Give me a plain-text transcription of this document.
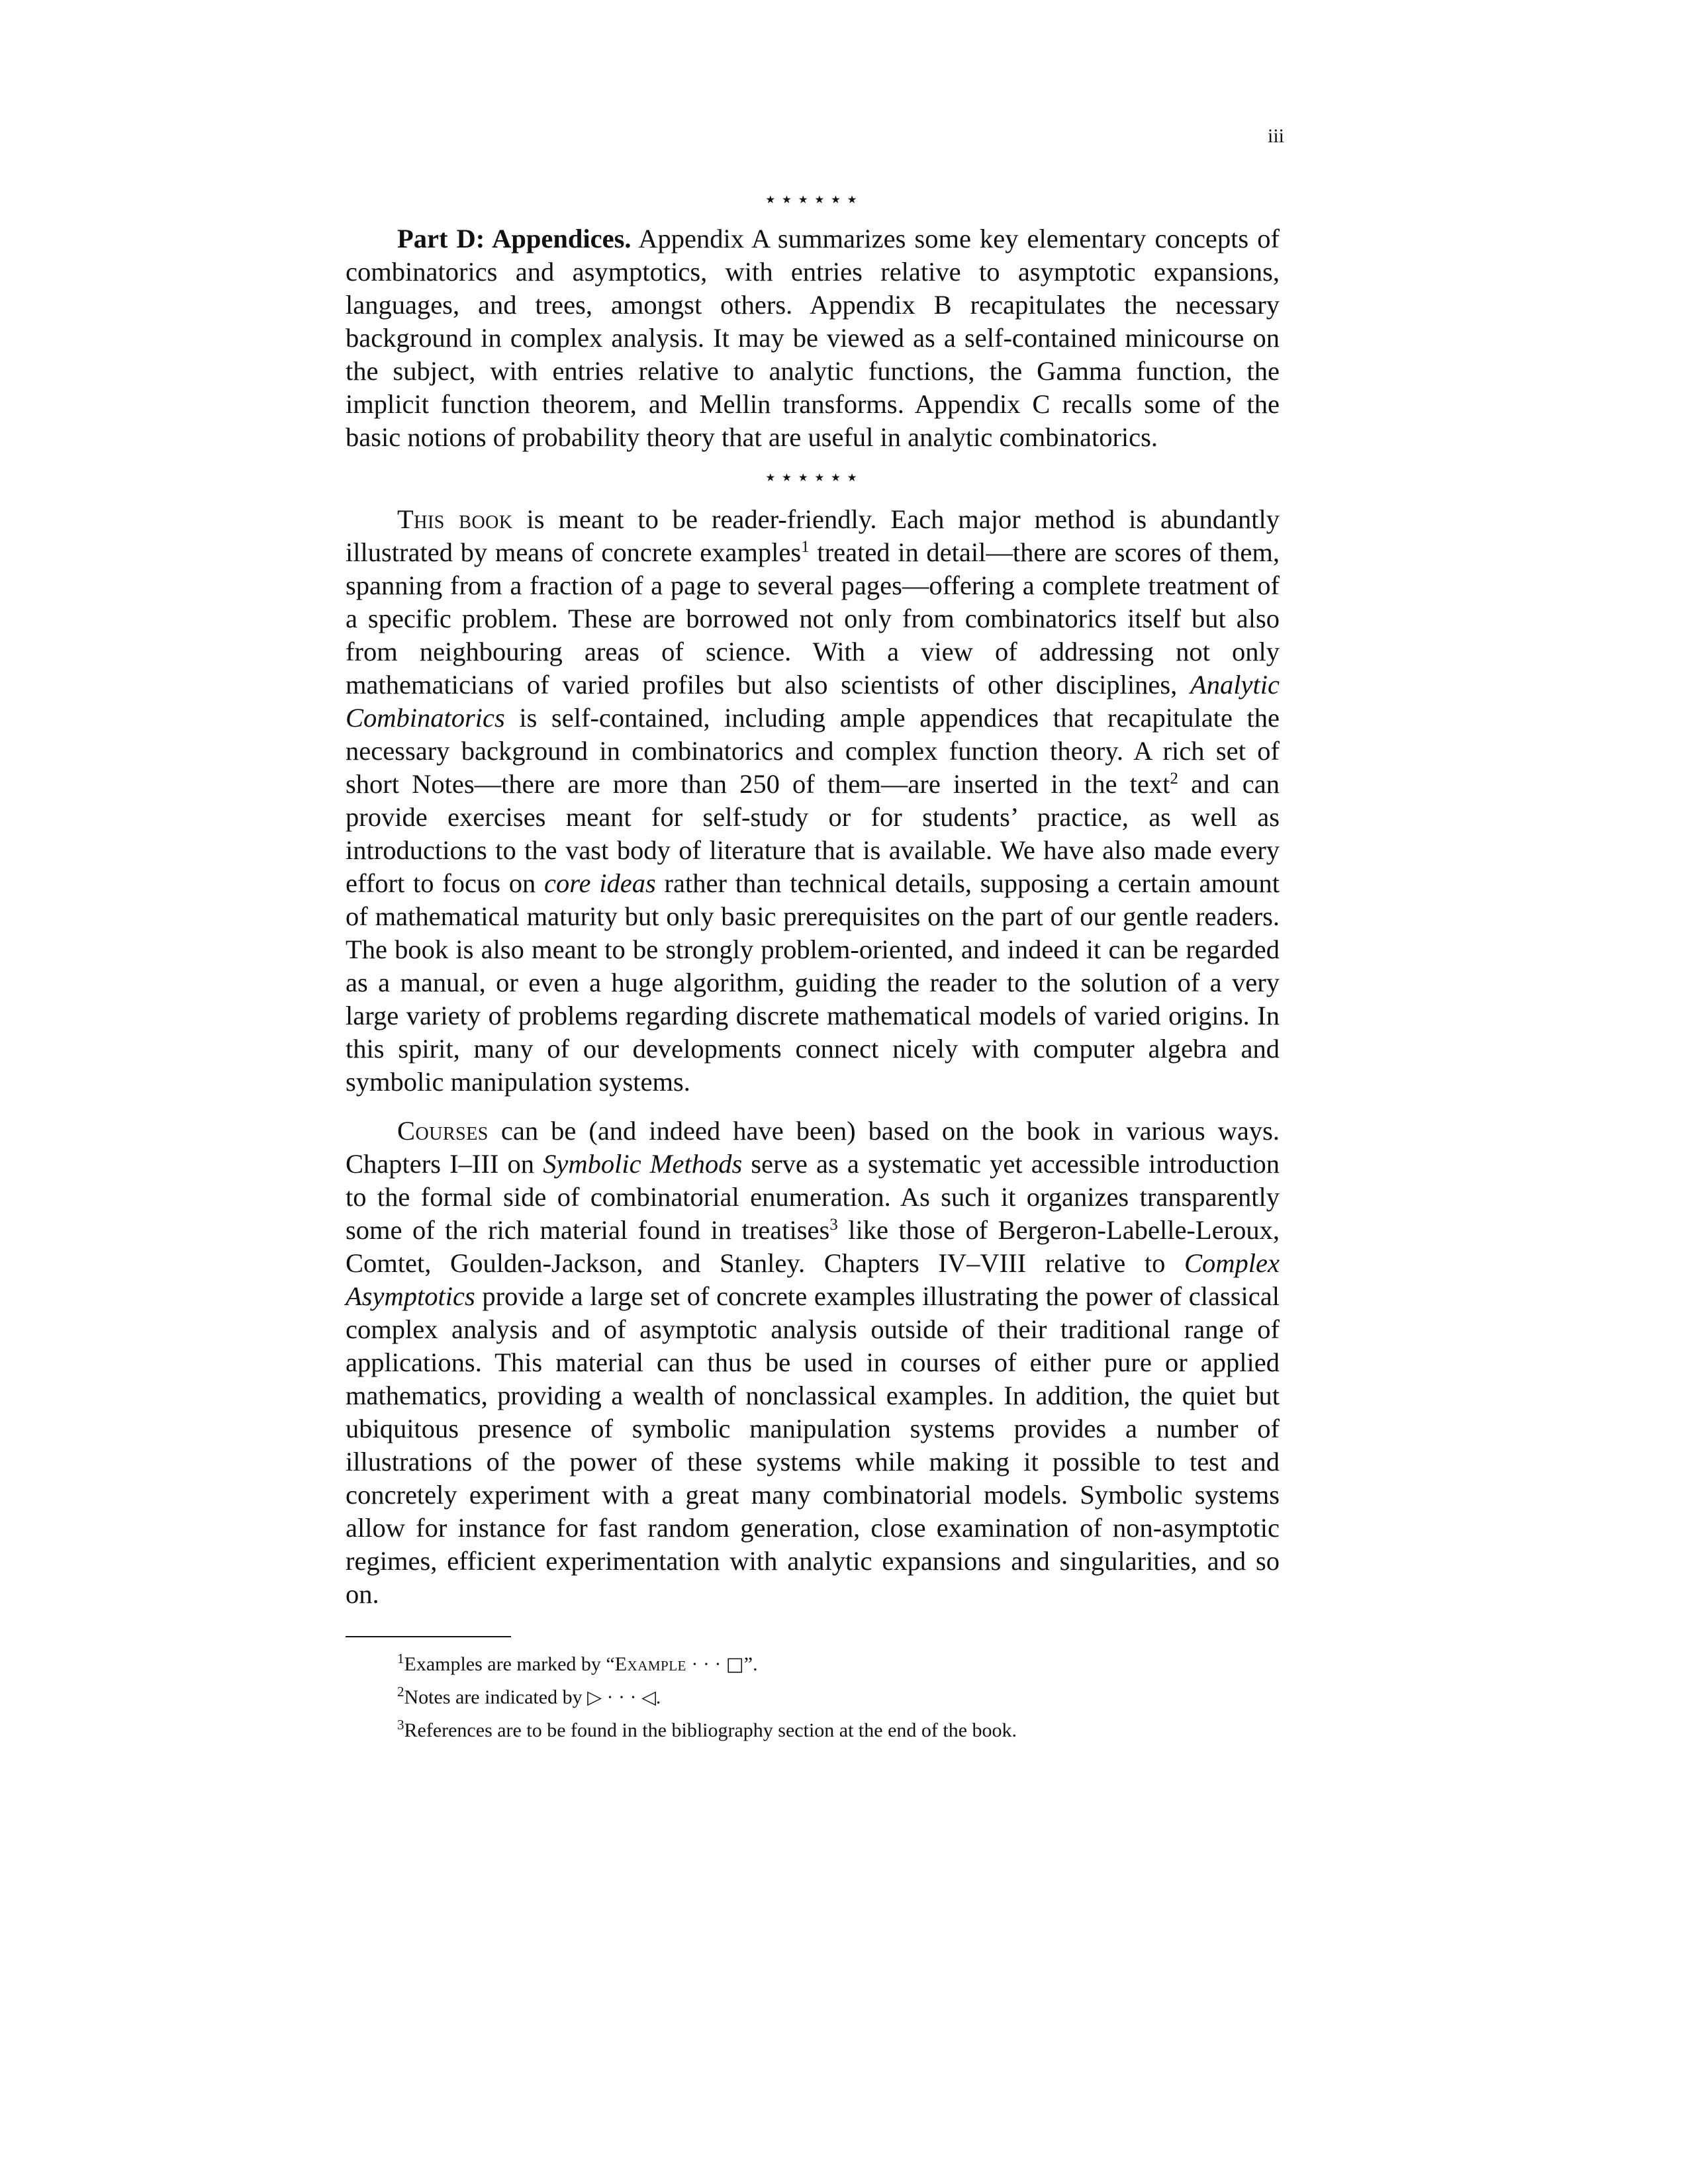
iii
⋆⋆⋆⋆⋆⋆

Part D: Appendices. Appendix A summarizes some key elementary concepts of combinatorics and asymptotics, with entries relative to asymptotic expansions, languages, and trees, amongst others. Appendix B recapitulates the necessary background in complex analysis. It may be viewed as a self-contained minicourse on the subject, with entries relative to analytic functions, the Gamma function, the implicit function theorem, and Mellin transforms. Appendix C recalls some of the basic notions of probability theory that are useful in analytic combinatorics.

⋆⋆⋆⋆⋆⋆

This book is meant to be reader-friendly. Each major method is abundantly illustrated by means of concrete examples$^1$ treated in detail—there are scores of them, spanning from a fraction of a page to several pages—offering a complete treatment of a specific problem. These are borrowed not only from combinatorics itself but also from neighbouring areas of science. With a view of addressing not only mathematicians of varied profiles but also scientists of other disciplines, Analytic Combinatorics is self-contained, including ample appendices that recapitulate the necessary background in combinatorics and complex function theory. A rich set of short Notes—there are more than 250 of them—are inserted in the text$^2$ and can provide exercises meant for self-study or for students’ practice, as well as introductions to the vast body of literature that is available. We have also made every effort to focus on core ideas rather than technical details, supposing a certain amount of mathematical maturity but only basic prerequisites on the part of our gentle readers. The book is also meant to be strongly problem-oriented, and indeed it can be regarded as a manual, or even a huge algorithm, guiding the reader to the solution of a very large variety of problems regarding discrete mathematical models of varied origins. In this spirit, many of our developments connect nicely with computer algebra and symbolic manipulation systems.

Courses can be (and indeed have been) based on the book in various ways. Chapters I–III on Symbolic Methods serve as a systematic yet accessible introduction to the formal side of combinatorial enumeration. As such it organizes transparently some of the rich material found in treatises$^3$ like those of Bergeron-Labelle-Leroux, Comtet, Goulden-Jackson, and Stanley. Chapters IV–VIII relative to Complex Asymptotics provide a large set of concrete examples illustrating the power of classical complex analysis and of asymptotic analysis outside of their traditional range of applications. This material can thus be used in courses of either pure or applied mathematics, providing a wealth of nonclassical examples. In addition, the quiet but ubiquitous presence of symbolic manipulation systems provides a number of illustrations of the power of these systems while making it possible to test and concretely experiment with a great many combinatorial models. Symbolic systems allow for instance for fast random generation, close examination of non-asymptotic regimes, efficient experimentation with analytic expansions and singularities, and so on.

$^1$Examples are marked by “Example · · · □”.

$^2$Notes are indicated by ▷ · · · ◁.

$^3$References are to be found in the bibliography section at the end of the book.
